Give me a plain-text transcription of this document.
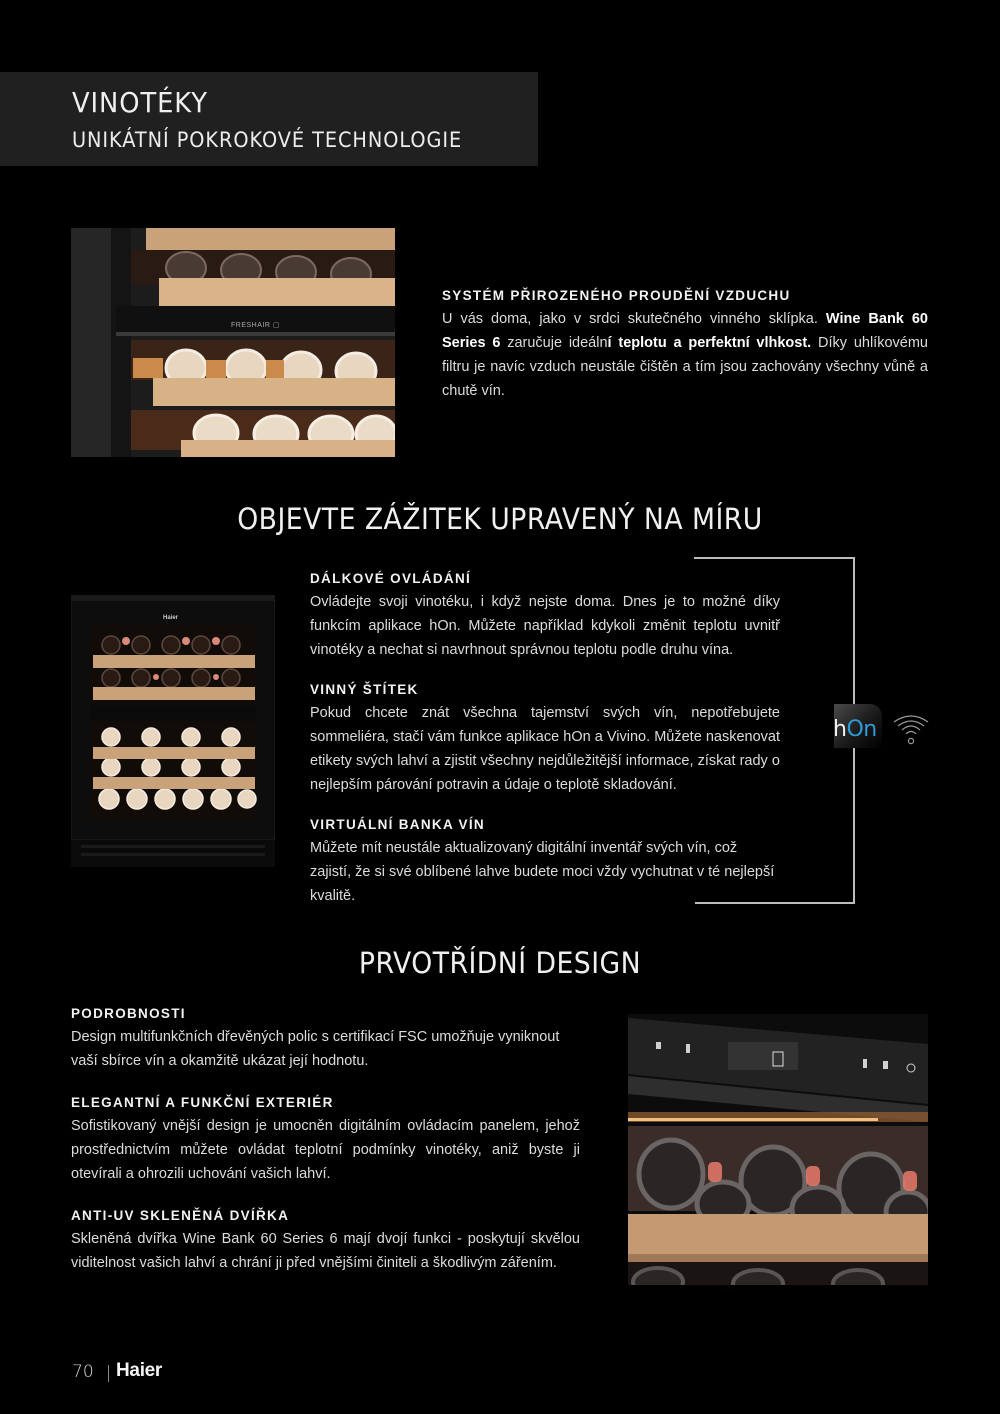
VINOTÉKY
UNIKÁTNÍ POKROKOVÉ TECHNOLOGIE
FRESHAIR ▢
SYSTÉM PŘIROZENÉHO PROUDĚNÍ VZDUCHU

U vás doma, jako v srdci skutečného vinného sklípka. Wine Bank 60 Series 6 zaručuje ideální teplotu a perfektní vlhkost. Díky uhlíkovému filtru je navíc vzduch neustále čištěn a tím jsou zachovány všechny vůně a chutě vín.

OBJEVTE ZÁŽITEK UPRAVENÝ NA MÍRU
Haier
DÁLKOVÉ OVLÁDÁNÍ

Ovládejte svoji vinotéku, i když nejste doma. Dnes je to možné díky funkcím aplikace hOn. Můžete například kdykoli změnit teplotu uvnitř vinotéky a nechat si navrhnout správnou teplotu podle druhu vína.

VINNÝ ŠTÍTEK

Pokud chcete znát všechna tajemství svých vín, nepotřebujete sommeliéra, stačí vám funkce aplikace hOn a Vivino. Můžete naskenovat etikety svých lahví a zjistit všechny nejdůležitější informace, získat rady o nejlepším párování potravin a údaje o teplotě skladování.

VIRTUÁLNÍ BANKA VÍN

Můžete mít neustále aktualizovaný digitální inventář svých vín, což zajistí, že si své oblíbené lahve budete moci vždy vychutnat v té nejlepší kvalitě.

hOn
PRVOTŘÍDNÍ DESIGN
PODROBNOSTI

Design multifunkčních dřevěných polic s certifikací FSC umožňuje vyniknout vaší sbírce vín a okamžitě ukázat její hodnotu.

ELEGANTNÍ A FUNKČNÍ EXTERIÉR

Sofistikovaný vnější design je umocněn digitálním ovládacím panelem, jehož prostřednictvím můžete ovládat teplotní podmínky vinotéky, aniž byste ji otevírali a ohrozili uchování vašich lahví.

ANTI-UV SKLENĚNÁ DVÍŘKA

Skleněná dvířka Wine Bank 60 Series 6 mají dvojí funkci - poskytují skvělou viditelnost vašich lahví a chrání ji před vnějšími činiteli a škodlivým zářením.

70 Haier
